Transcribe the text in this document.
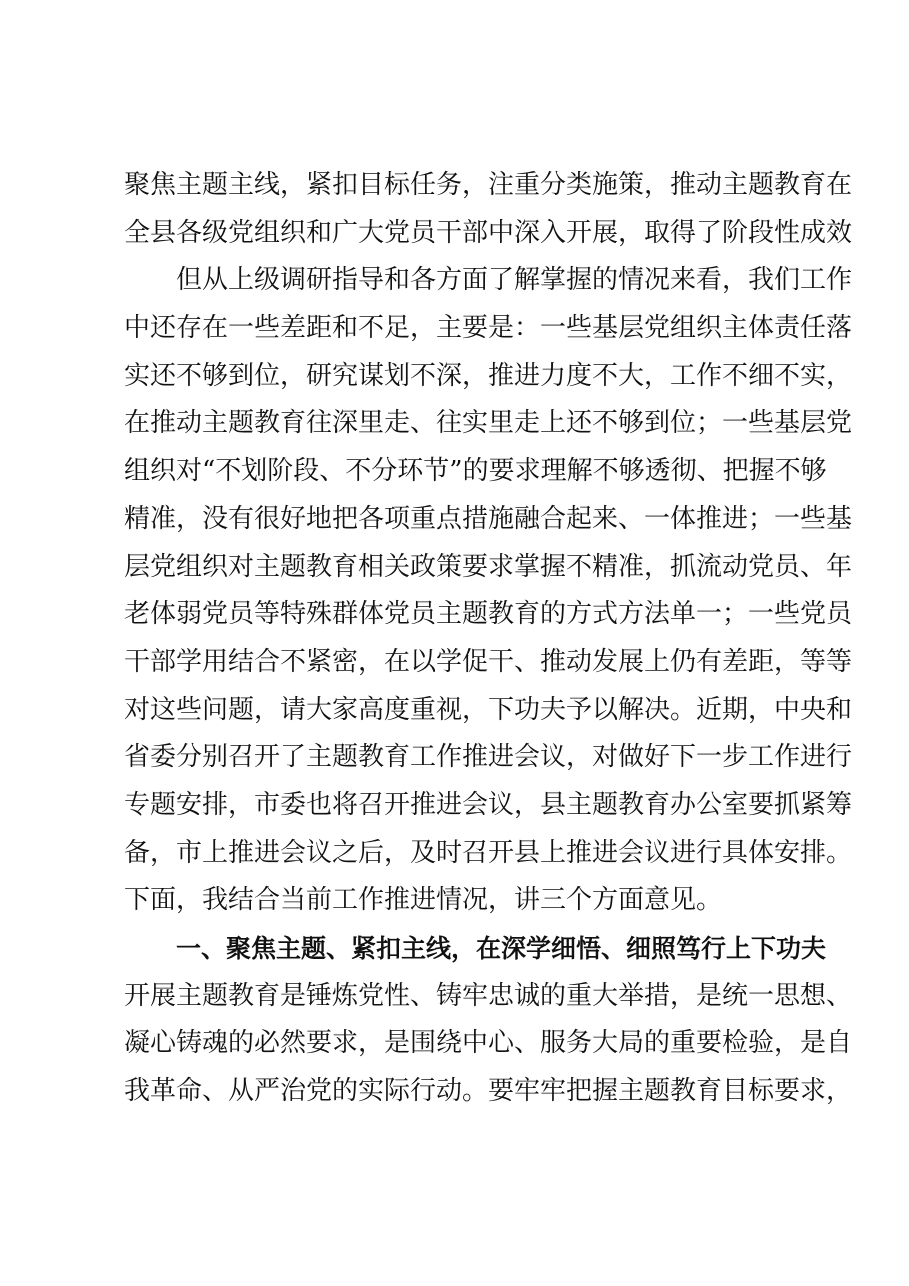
聚焦主题主线，紧扣目标任务，注重分类施策，推动主题教育在
全县各级党组织和广大党员干部中深入开展，取得了阶段性成效
但从上级调研指导和各方面了解掌握的情况来看，我们工作
中还存在一些差距和不足，主要是：一些基层党组织主体责任落
实还不够到位，研究谋划不深，推进力度不大，工作不细不实，
在推动主题教育往深里走、往实里走上还不够到位；一些基层党
组织对“不划阶段、不分环节”的要求理解不够透彻、把握不够
精准，没有很好地把各项重点措施融合起来、一体推进；一些基
层党组织对主题教育相关政策要求掌握不精准，抓流动党员、年
老体弱党员等特殊群体党员主题教育的方式方法单一；一些党员
干部学用结合不紧密，在以学促干、推动发展上仍有差距，等等
对这些问题，请大家高度重视，下功夫予以解决。近期，中央和
省委分别召开了主题教育工作推进会议，对做好下一步工作进行
专题安排，市委也将召开推进会议，县主题教育办公室要抓紧筹
备，市上推进会议之后，及时召开县上推进会议进行具体安排。
下面，我结合当前工作推进情况，讲三个方面意见。
一、聚焦主题、紧扣主线，在深学细悟、细照笃行上下功夫
开展主题教育是锤炼党性、铸牢忠诚的重大举措，是统一思想、
凝心铸魂的必然要求，是围绕中心、服务大局的重要检验，是自
我革命、从严治党的实际行动。要牢牢把握主题教育目标要求，
